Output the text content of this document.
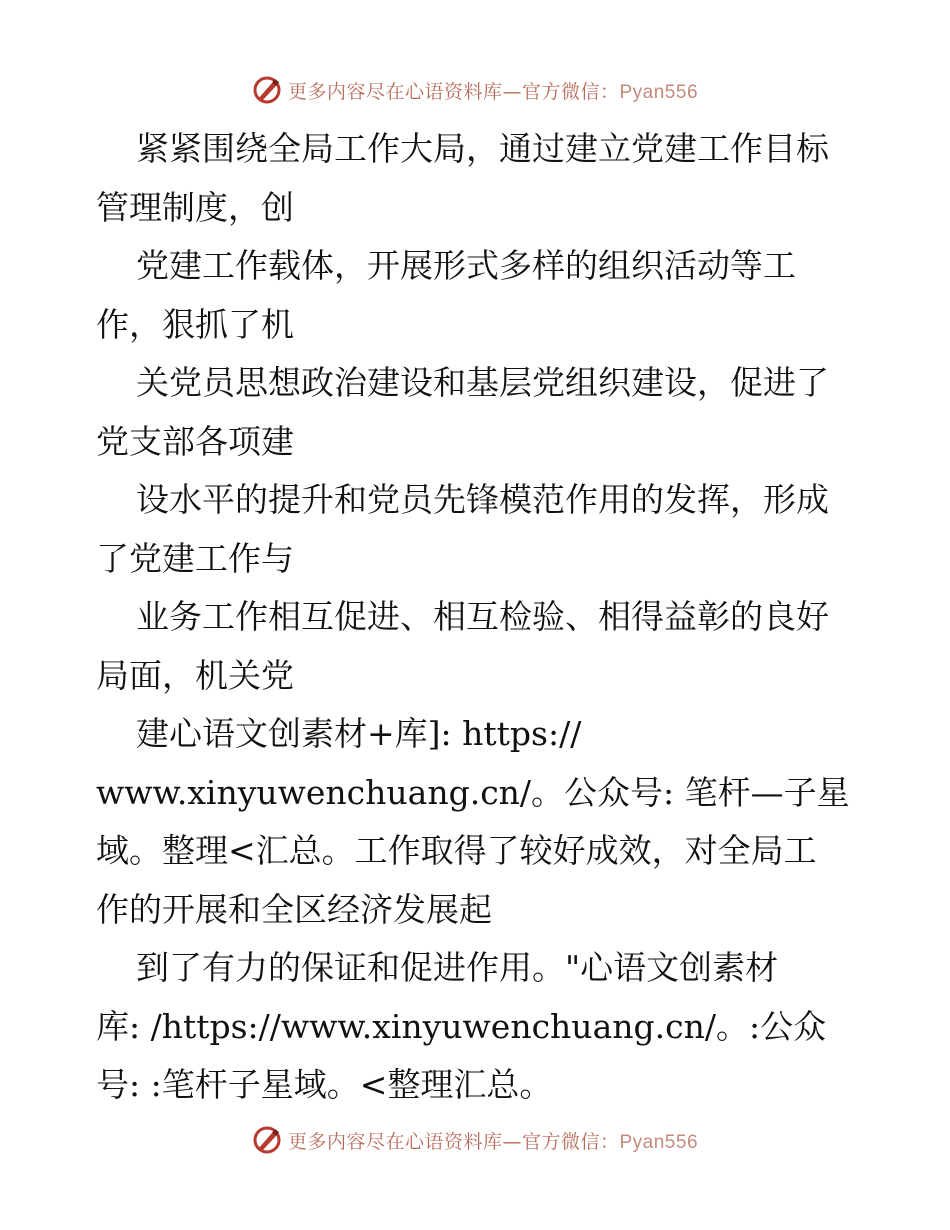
更多内容尽在心语资料库—官方微信：Pyan556

紧紧围绕全局工作大局，通过建立党建工作目标
管理制度，创

党建工作载体，开展形式多样的组织活动等工
作，狠抓了机

关党员思想政治建设和基层党组织建设，促进了
党支部各项建

设水平的提升和党员先锋模范作用的发挥，形成
了党建工作与

业务工作相互促进、相互检验、相得益彰的良好
局面，机关党

建心语文创素材+库]: https://
www.xinyuwenchuang.cn/。公众号: 笔杆—子星
域。整理<汇总。工作取得了较好成效，对全局工
作的开展和全区经济发展起

到了有力的保证和促进作用。"心语文创素材
库: /https://www.xinyuwenchuang.cn/。:公众
号: :笔杆子星域。<整理汇总。

更多内容尽在心语资料库—官方微信：Pyan556
